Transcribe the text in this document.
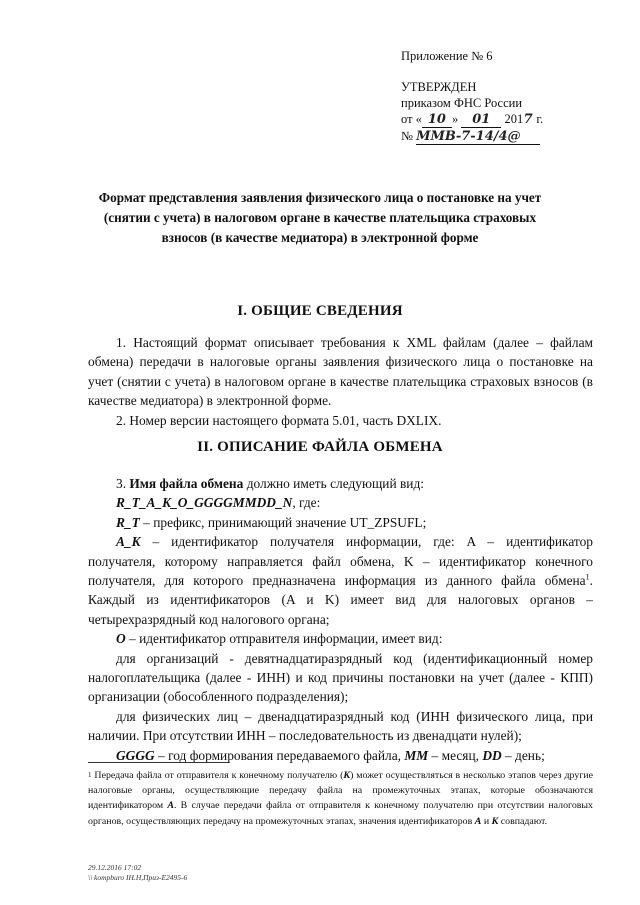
Приложение № 6
УТВЕРЖДЕН
приказом ФНС России
от « 10 » 01 2017 г.
№ ММВ-7-14/4@
Формат представления заявления физического лица о постановке на учет (снятии с учета) в налоговом органе в качестве плательщика страховых взносов (в качестве медиатора) в электронной форме
I. ОБЩИЕ СВЕДЕНИЯ

1. Настоящий формат описывает требования к XML файлам (далее – файлам обмена) передачи в налоговые органы заявления физического лица о постановке на учет (снятии с учета) в налоговом органе в качестве плательщика страховых взносов (в качестве медиатора) в электронной форме.

2. Номер версии настоящего формата 5.01, часть DXLIX.

II. ОПИСАНИЕ ФАЙЛА ОБМЕНА

3. Имя файла обмена должно иметь следующий вид:

R_T_A_K_O_GGGGMMDD_N, где:

R_T – префикс, принимающий значение UT_ZPSUFL;

A_K – идентификатор получателя информации, где: A – идентификатор получателя, которому направляется файл обмена, K – идентификатор конечного получателя, для которого предназначена информация из данного файла обмена$^1$. Каждый из идентификаторов (A и K) имеет вид для налоговых органов – четырехразрядный код налогового органа;

O – идентификатор отправителя информации, имеет вид:

для организаций - девятнадцатиразрядный код (идентификационный номер налогоплательщика (далее - ИНН) и код причины постановки на учет (далее - КПП) организации (обособленного подразделения);

для физических лиц – двенадцатиразрядный код (ИНН физического лица, при наличии. При отсутствии ИНН – последовательность из двенадцати нулей);

GGGG – год формирования передаваемого файла, MM – месяц, DD – день;

$^1$ Передача файла от отправителя к конечному получателю (К) может осуществляться в несколько этапов через другие налоговые органы, осуществляющие передачу файла на промежуточных этапах, которые обозначаются идентификатором А. В случае передачи файла от отправителя к конечному получателю при отсутствии налоговых органов, осуществляющих передачу на промежуточных этапах, значения идентификаторов А и К совпадают.
29.12.2016 17:02
\\ kompburo IH.H,Приз-Е2495-6
